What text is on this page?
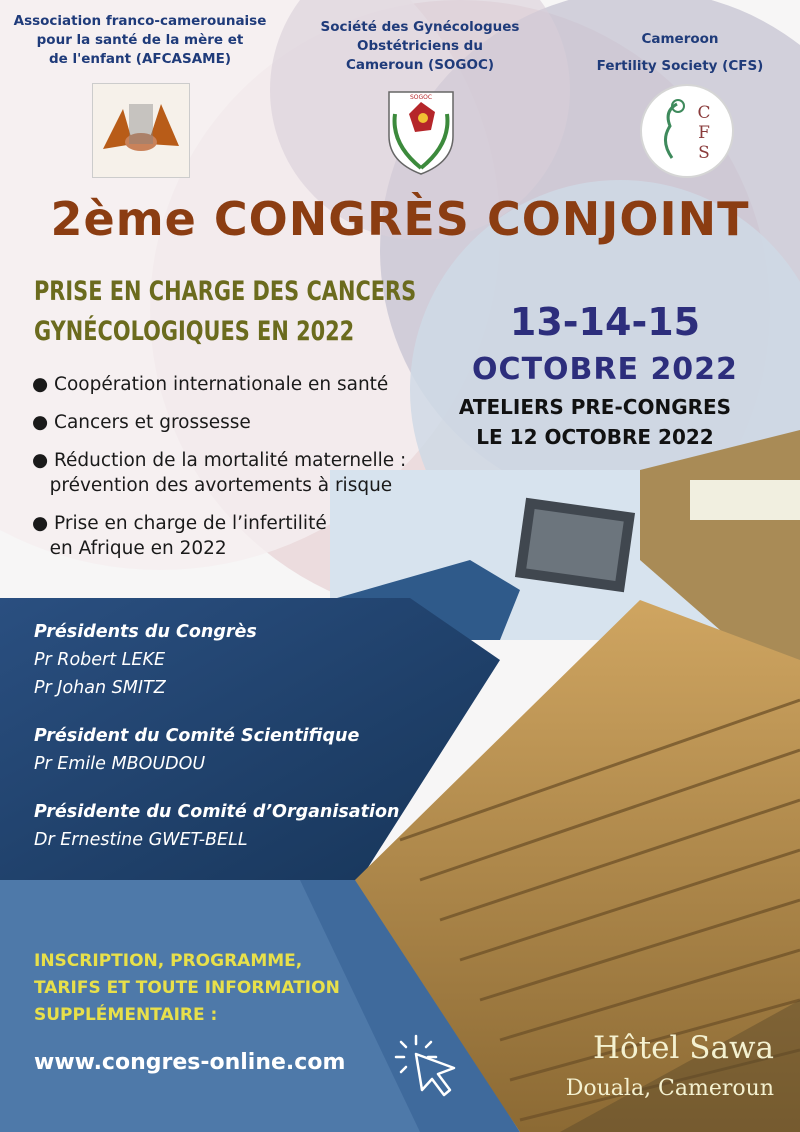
Association franco-camerounaise
pour la santé de la mère et
de l'enfant (AFCASAME)
Société des Gynécologues
Obstétriciens du
Cameroun (SOGOC)
Cameroon
Fertility Society (CFS)
SOGOC
C
F
S
2ème CONGRÈS CONJOINT
PRISE EN CHARGE DES CANCERS
GYNÉCOLOGIQUES EN 2022	13-14-15
OCTOBRE 2022
ATELIERS PRE-CONGRES
LE 12 OCTOBRE 2022
● Coopération internationale en santé
● Cancers et grossesse
● Réduction de la mortalité maternelle :
prévention des avortements à risque
● Prise en charge de l’infertilité
en Afrique en 2022
Présidents du Congrès
Pr Robert LEKE
Pr Johan SMITZ
Président du Comité Scientifique
Pr Emile MBOUDOU
Présidente du Comité d’Organisation
Dr Ernestine GWET-BELL
INSCRIPTION, PROGRAMME,
TARIFS ET TOUTE INFORMATION
SUPPLÉMENTAIRE :
www.congres-online.com	Hôtel Sawa
Douala, Cameroun
